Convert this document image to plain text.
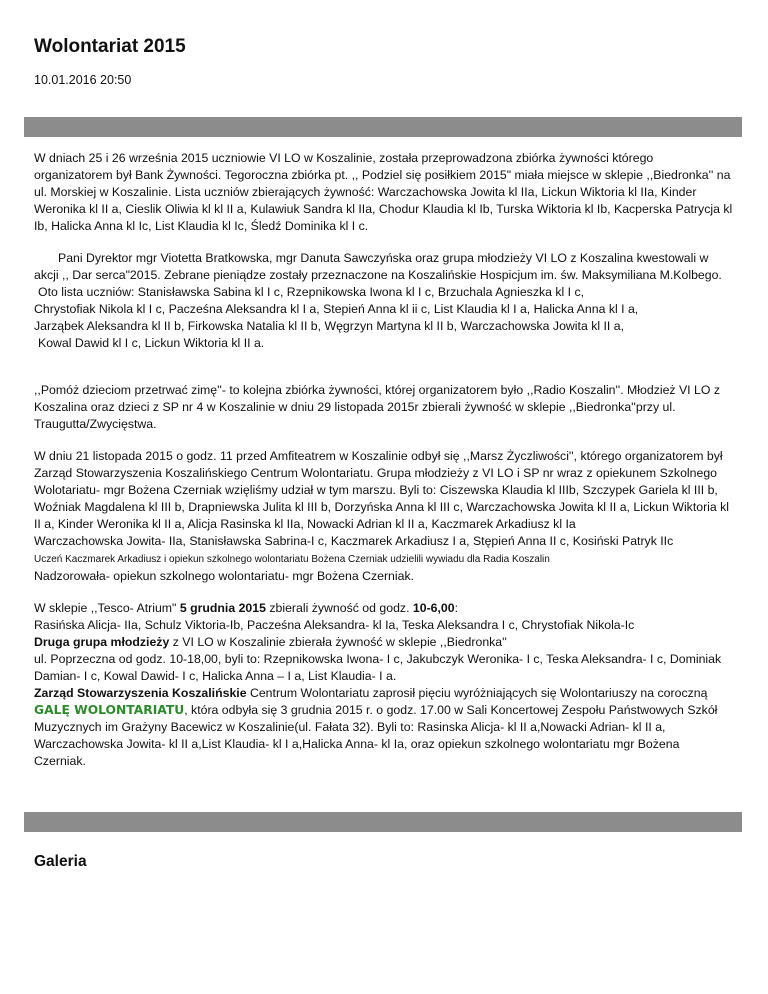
Wolontariat 2015
10.01.2016 20:50

W dniach 25 i 26 września 2015 uczniowie VI LO w Koszalinie, została przeprowadzona zbiórka żywności którego organizatorem był Bank Żywności. Tegoroczna zbiórka pt. ,, Podziel się posiłkiem 2015" miała miejsce w sklepie ,,Biedronka'' na ul. Morskiej w Koszalinie. Lista uczniów zbierających żywność: Warczachowska Jowita kl IIa, Lickun Wiktoria kl IIa, Kinder Weronika kl II a, Cieslik Oliwia kl kl II a, Kulawiuk Sandra kl IIa, Chodur Klaudia kl Ib, Turska Wiktoria kl Ib, Kacperska Patrycja kl Ib, Halicka Anna kl Ic, List Klaudia kl Ic, Śledź Dominika kl I c.

Pani Dyrektor mgr Viotetta Bratkowska, mgr Danuta Sawczyńska oraz grupa młodzieży VI LO z Koszalina kwestowali w akcji ,, Dar serca"2015. Zebrane pieniądze zostały przeznaczone na Koszalińskie Hospicjum im. św. Maksymiliana M.Kolbego.
Oto lista uczniów: Stanisławska Sabina kl I c, Rzepnikowska Iwona kl I c, Brzuchala Agnieszka kl I c,
Chrystofiak Nikola kl I c, Pacześna Aleksandra kl I a, Stepień Anna kl ii c, List Klaudia kl I a, Halicka Anna kl I a,
Jarząbek Aleksandra kl II b, Firkowska Natalia kl II b, Węgrzyn Martyna kl II b, Warczachowska Jowita kl II a,
Kowal Dawid kl I c, Lickun Wiktoria kl II a.

,,Pomóż dzieciom przetrwać zimę''- to kolejna zbiórka żywności, której organizatorem było ,,Radio Koszalin''. Młodzież VI LO z Koszalina oraz dzieci z SP nr 4 w Koszalinie w dniu 29 listopada 2015r zbierali żywność w sklepie ,,Biedronka''przy ul. Traugutta/Zwycięstwa.

W dniu 21 listopada 2015 o godz. 11 przed Amfiteatrem w Koszalinie odbył się ,,Marsz Życzliwości'', którego organizatorem był Zarząd Stowarzyszenia Koszalińskiego Centrum Wolontariatu. Grupa młodzieży z VI LO i SP nr wraz z opiekunem Szkolnego Wolotariatu- mgr Bożena Czerniak wzięliśmy udział w tym marszu. Byli to: Ciszewska Klaudia kl IIIb, Szczypek Gariela kl III b, Woźniak Magdalena kl III b, Drapniewska Julita kl III b, Dorzyńska Anna kl III c, Warczachowska Jowita kl II a, Lickun Wiktoria kl II a, Kinder Weronika kl II a, Alicja Rasinska kl IIa, Nowacki Adrian kl II a, Kaczmarek Arkadiusz kl Ia
Warczachowska Jowita- IIa, Stanisławska Sabrina-I c, Kaczmarek Arkadiusz I a, Stępień Anna II c, Kosiński Patryk IIc
Uczeń Kaczmarek Arkadiusz i opiekun szkolnego wolontariatu Bożena Czerniak udzielili wywiadu dla Radia Koszalin
Nadzorowała- opiekun szkolnego wolontariatu- mgr Bożena Czerniak.

W sklepie ,,Tesco- Atrium" 5 grudnia 2015 zbierali żywność od godz. 10-6,00:
Rasińska Alicja- IIa, Schulz Viktoria-Ib, Pacześna Aleksandra- kl Ia, Teska Aleksandra I c, Chrystofiak Nikola-Ic
Druga grupa młodzieży z VI LO w Koszalinie zbierała żywność w sklepie ,,Biedronka''
ul. Poprzeczna od godz. 10-18,00, byli to: Rzepnikowska Iwona- I c, Jakubczyk Weronika- I c, Teska Aleksandra- I c, Dominiak Damian- I c, Kowal Dawid- I c, Halicka Anna – I a, List Klaudia- I a.
Zarząd Stowarzyszenia Koszalińskie Centrum Wolontariatu zaprosił pięciu wyróżniających się Wolontariuszy na coroczną GALĘ WOLONTARIATU, która odbyła się 3 grudnia 2015 r. o godz. 17.00 w Sali Koncertowej Zespołu Państwowych Szkół Muzycznych im Grażyny Bacewicz w Koszalinie(ul. Fałata 32). Byli to: Rasinska Alicja- kl II a,Nowacki Adrian- kl II a, Warczachowska Jowita- kl II a,List Klaudia- kl I a,Halicka Anna- kl Ia, oraz opiekun szkolnego wolontariatu mgr Bożena Czerniak.

Galeria
